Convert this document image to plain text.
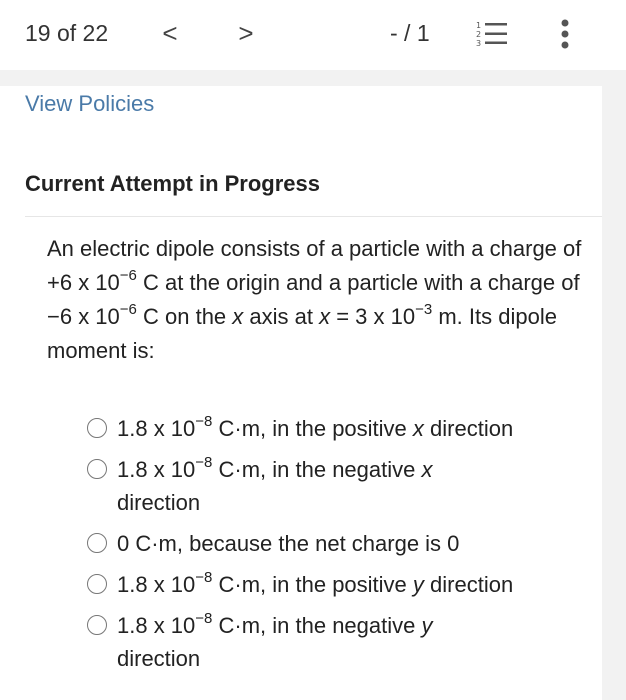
19 of 22 < >	- / 1	1
2
3
View Policies
Current Attempt in Progress

An electric dipole consists of a particle with a charge of +6 x $10^{-6}$ C at the origin and a particle with a charge of −6 x $10^{-6}$ C on the x axis at x = 3 x $10^{-3}$ m. Its dipole moment is:

1.8 x $10^{-8}$ C·m, in the positive x direction
1.8 x $10^{-8}$ C·m, in the negative x direction
0 C·m, because the net charge is 0
1.8 x $10^{-8}$ C·m, in the positive y direction
1.8 x $10^{-8}$ C·m, in the negative y direction
